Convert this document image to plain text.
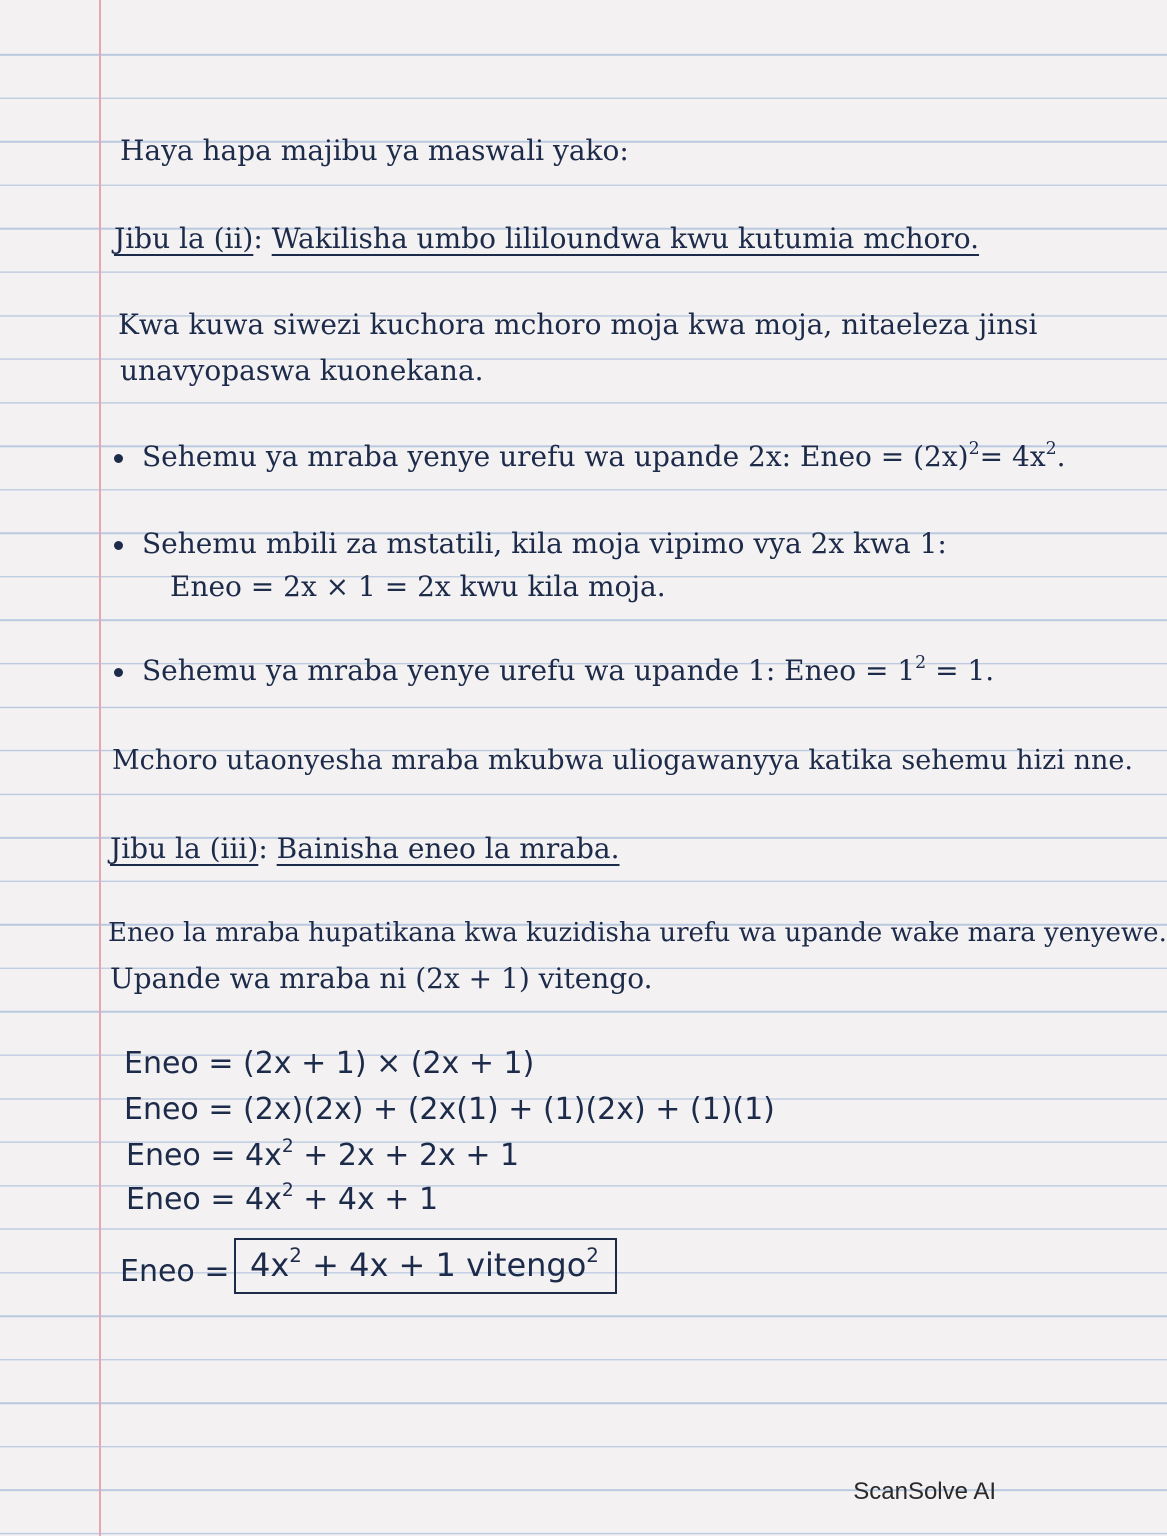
Haya hapa majibu ya maswali yako:
Jibu la (ii): Wakilisha umbo lililoundwa kwu kutumia mchoro.
Kwa kuwa siwezi kuchora mchoro moja kwa moja, nitaeleza jinsi
unavyopaswa kuonekana.
Sehemu ya mraba yenye urefu wa upande 2x: Eneo = $(2x)^2= 4x^2$.
Sehemu mbili za mstatili, kila moja vipimo vya 2x kwa 1:
Eneo = 2x × 1 = 2x kwu kila moja.
Sehemu ya mraba yenye urefu wa upande 1: Eneo = $1^2 = 1$.
Mchoro utaonyesha mraba mkubwa uliogawanyya katika sehemu hizi nne.
Jibu la (iii): Bainisha eneo la mraba.
Eneo la mraba hupatikana kwa kuzidisha urefu wa upande wake mara yenyewe.
Upande wa mraba ni (2x + 1) vitengo.
Eneo = (2x + 1) × (2x + 1)
Eneo = (2x)(2x) + (2x(1) + (1)(2x) + (1)(1)
Eneo = $4x^2 + 2x + 2x + 1$
Eneo = $4x^2 + 4x + 1$
Eneo = $4x^2 + 4x + 1$ vitengo$^2$
ScanSolve AI
